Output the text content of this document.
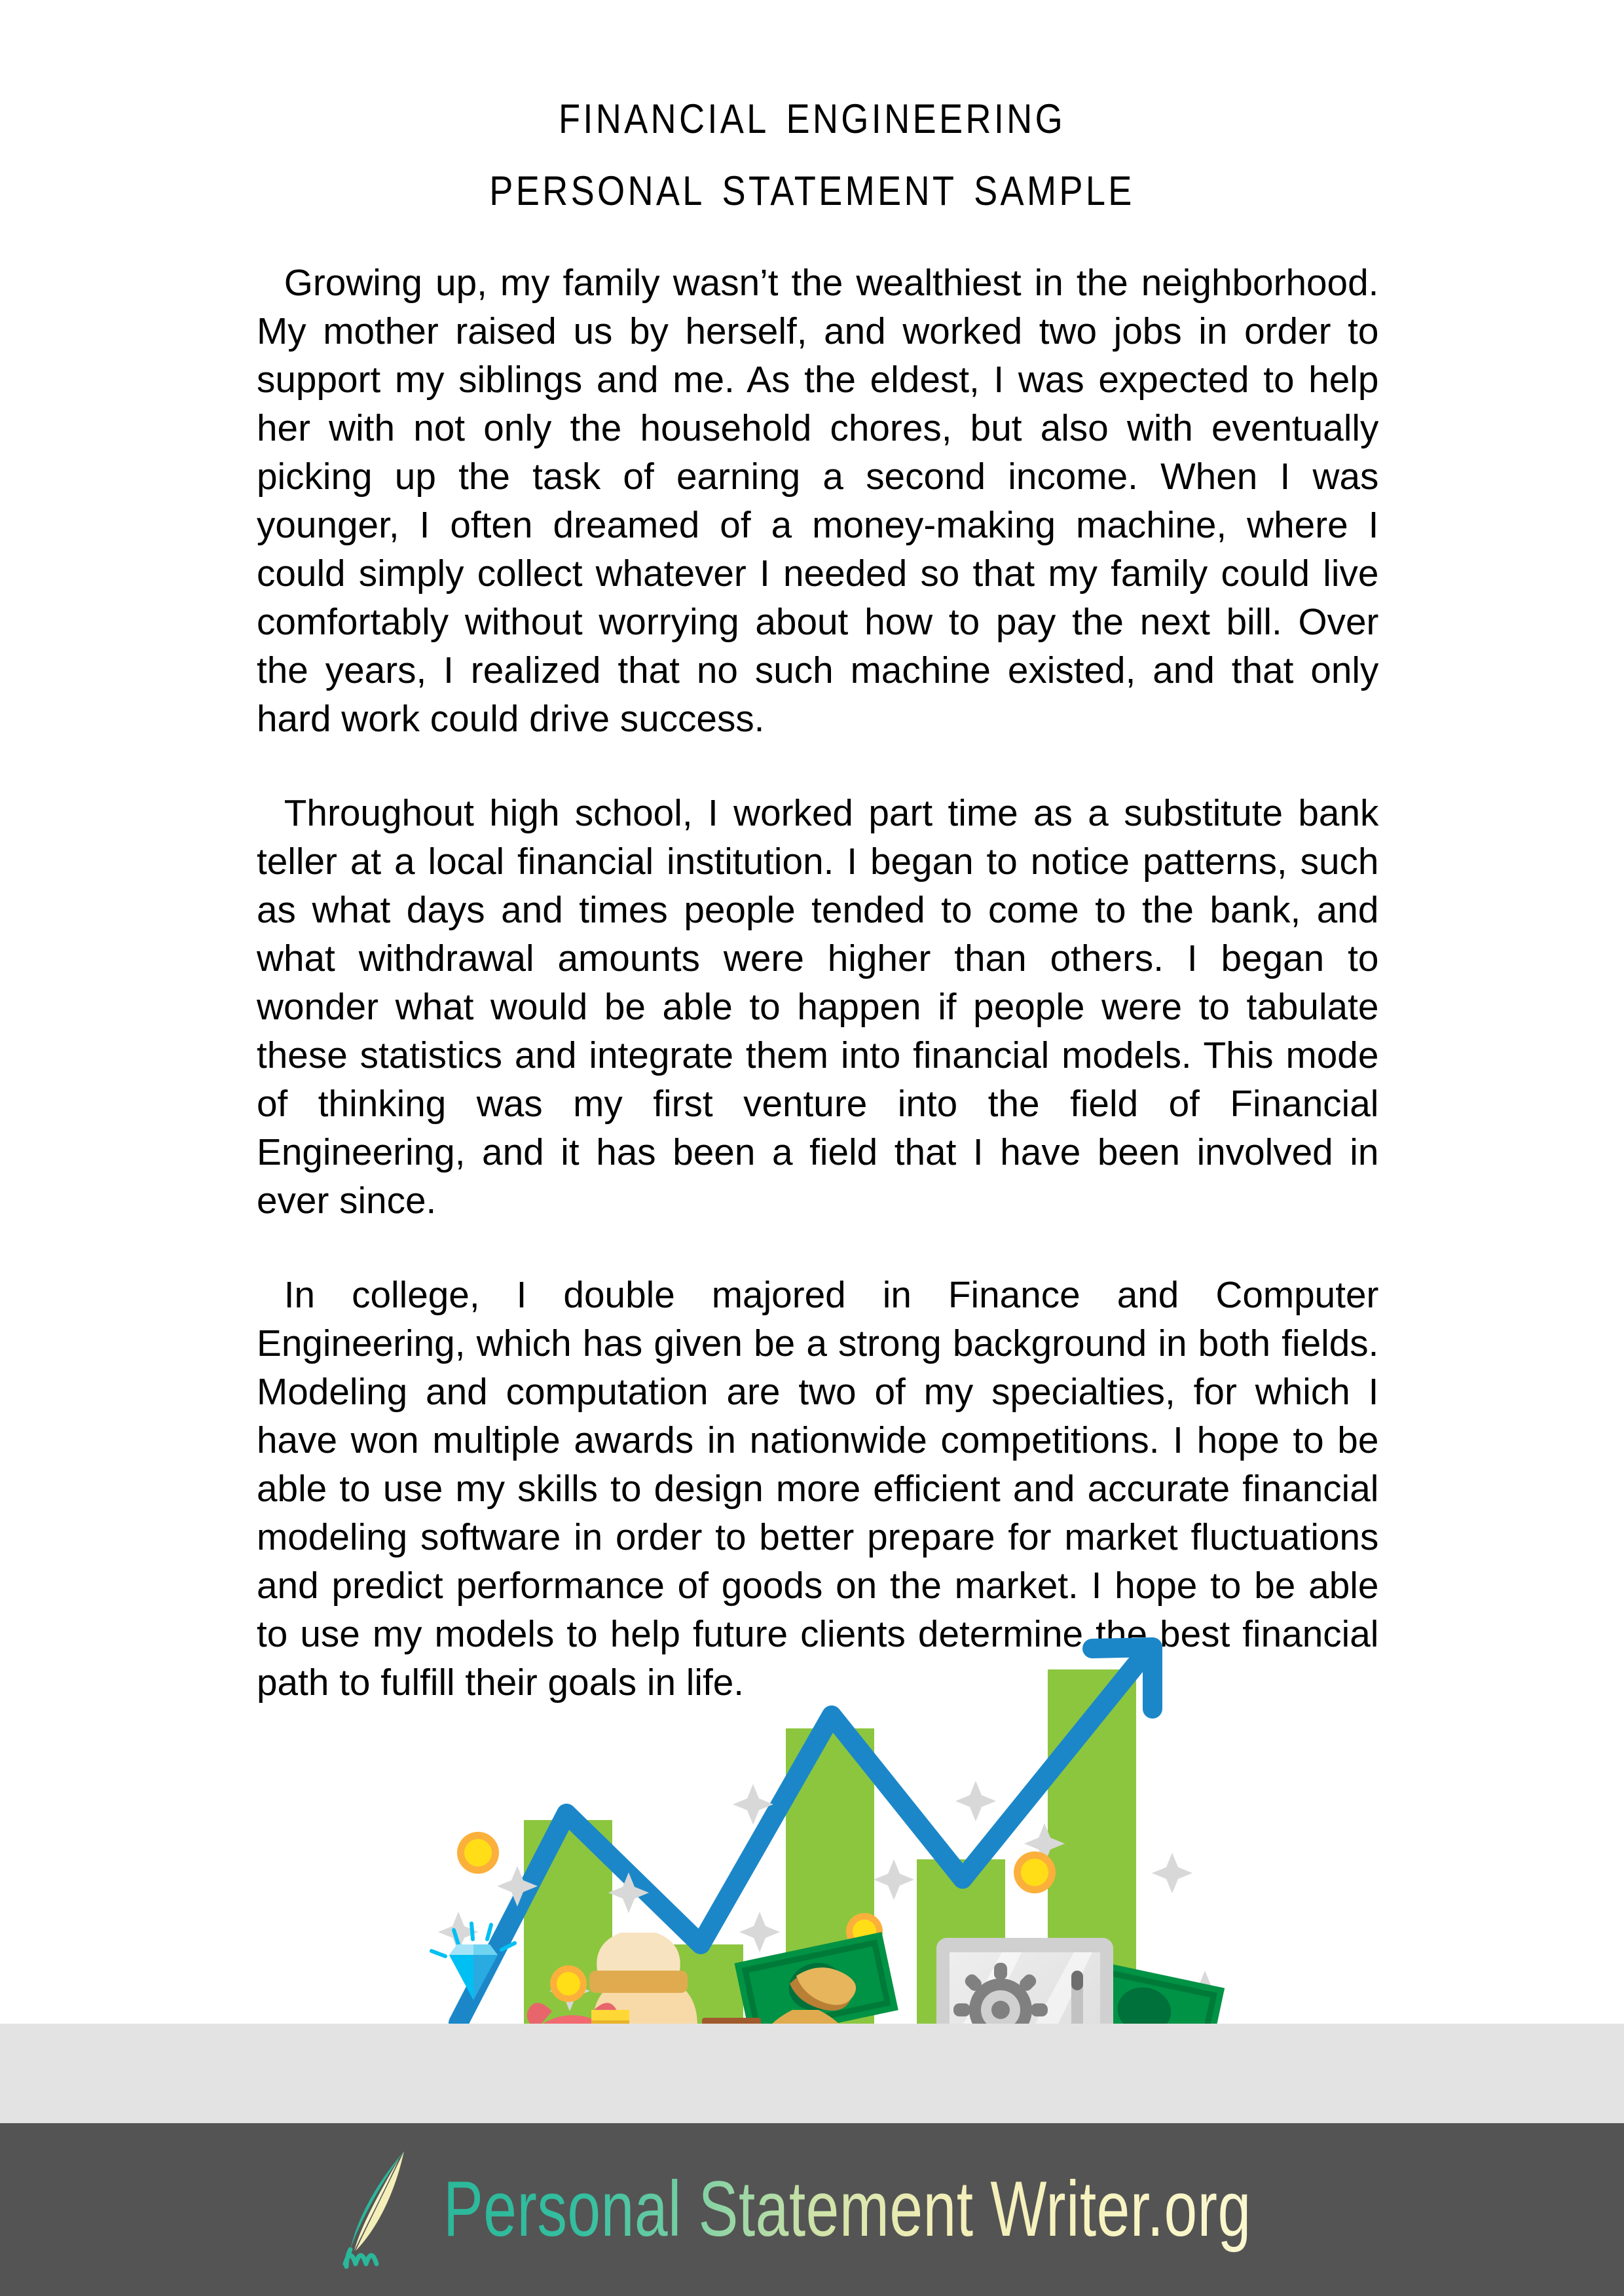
financial engineering
personal statement sample

Growing up, my family wasn’t the wealthiest in the neighborhood. My mother raised us by herself, and worked two jobs in order to support my siblings and me. As the eldest, I was expected to help her with not only the household chores, but also with eventually picking up the task of earning a second income. When I was younger, I often dreamed of a money-making machine, where I could simply collect whatever I needed so that my family could live comfortably without worrying about how to pay the next bill. Over the years, I realized that no such machine existed, and that only hard work could drive success.

Throughout high school, I worked part time as a substitute bank teller at a local financial institution. I began to notice patterns, such as what days and times people tended to come to the bank, and what withdrawal amounts were higher than others. I began to wonder what would be able to happen if people were to tabulate these statistics and integrate them into financial models. This mode of thinking was my first venture into the field of Financial Engineering, and it has been a field that I have been involved in ever since.

In college, I double majored in Finance and Computer Engineering, which has given be a strong background in both fields. Modeling and computation are two of my specialties, for which I have won multiple awards in nationwide competitions. I hope to be able to use my skills to design more efficient and accurate financial modeling software in order to better prepare for market fluctuations and predict performance of goods on the market. I hope to be able to use my models to help future clients determine the best financial path to fulfill their goals in life.

Personal Statement Writer.org
